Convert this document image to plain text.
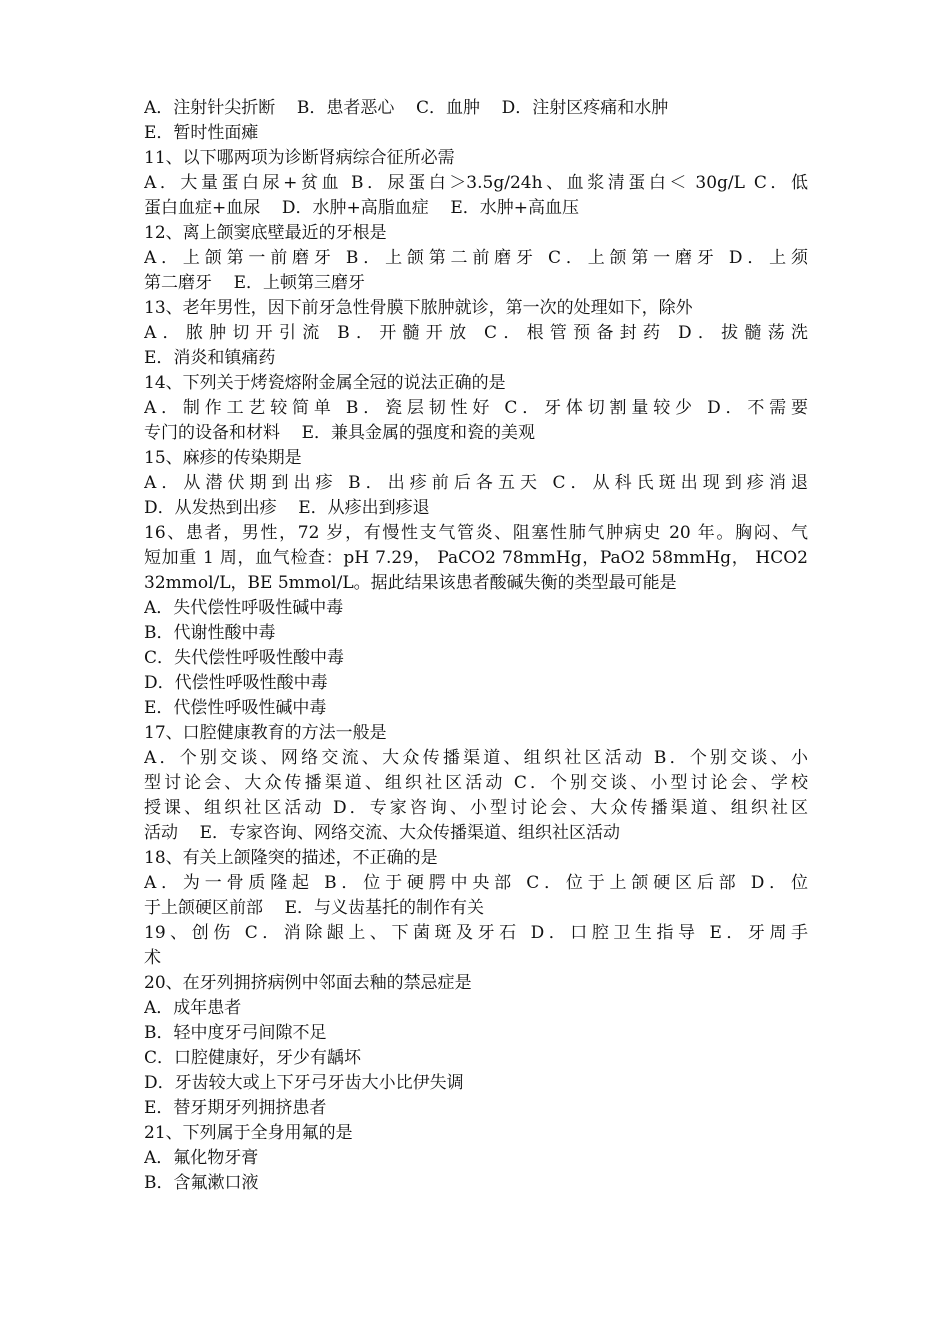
A．注射针尖折断    B．患者恶心    C．血肿    D．注射区疼痛和水肿
E．暂时性面瘫
11、以下哪两项为诊断肾病综合征所必需
A．大量蛋白尿+贫血 B．尿蛋白＞3.5g/24h、血浆清蛋白＜ 30g/L C．低
蛋白血症+血尿    D．水肿+高脂血症    E．水肿+高血压
12、离上颌窦底壁最近的牙根是
A．上颌第一前磨牙 B．上颌第二前磨牙 C．上颌第一磨牙 D．上须
第二磨牙    E．上顿第三磨牙
13、老年男性，因下前牙急性骨膜下脓肿就诊，第一次的处理如下，除外
A．脓肿切开引流 B．开髓开放 C．根管预备封药 D．拔髓荡洗
E．消炎和镇痛药
14、下列关于烤瓷熔附金属全冠的说法正确的是
A．制作工艺较简单 B．瓷层韧性好 C．牙体切割量较少 D．不需要
专门的设备和材料    E．兼具金属的强度和瓷的美观
15、麻疹的传染期是
A．从潜伏期到出疹 B．出疹前后各五天 C．从科氏斑出现到疹消退
D．从发热到出疹    E．从疹出到疹退
16、患者，男性，72 岁，有慢性支气管炎、阻塞性肺气肿病史 20 年。胸闷、气
短加重 1 周，血气检查：pH 7.29， PaCO2 78mmHg，PaO2 58mmHg， HCO2
32mmol/L，BE 5mmol/L。据此结果该患者酸碱失衡的类型最可能是
A．失代偿性呼吸性碱中毒
B．代谢性酸中毒
C．失代偿性呼吸性酸中毒
D．代偿性呼吸性酸中毒
E．代偿性呼吸性碱中毒
17、口腔健康教育的方法一般是
A．个别交谈、网络交流、大众传播渠道、组织社区活动 B．个别交谈、小
型讨论会、大众传播渠道、组织社区活动 C．个别交谈、小型讨论会、学校
授课、组织社区活动 D．专家咨询、小型讨论会、大众传播渠道、组织社区
活动    E．专家咨询、网络交流、大众传播渠道、组织社区活动
18、有关上颌隆突的描述，不正确的是
A．为一骨质隆起 B．位于硬腭中央部 C．位于上颌硬区后部 D．位
于上颌硬区前部    E．与义齿基托的制作有关
19、创伤 C．消除龈上、下菌斑及牙石 D．口腔卫生指导 E．牙周手
术
20、在牙列拥挤病例中邻面去釉的禁忌症是
A．成年患者
B．轻中度牙弓间隙不足
C．口腔健康好，牙少有龋坏
D．牙齿较大或上下牙弓牙齿大小比伊失调
E．替牙期牙列拥挤患者
21、下列属于全身用氟的是
A．氟化物牙膏
B．含氟漱口液
